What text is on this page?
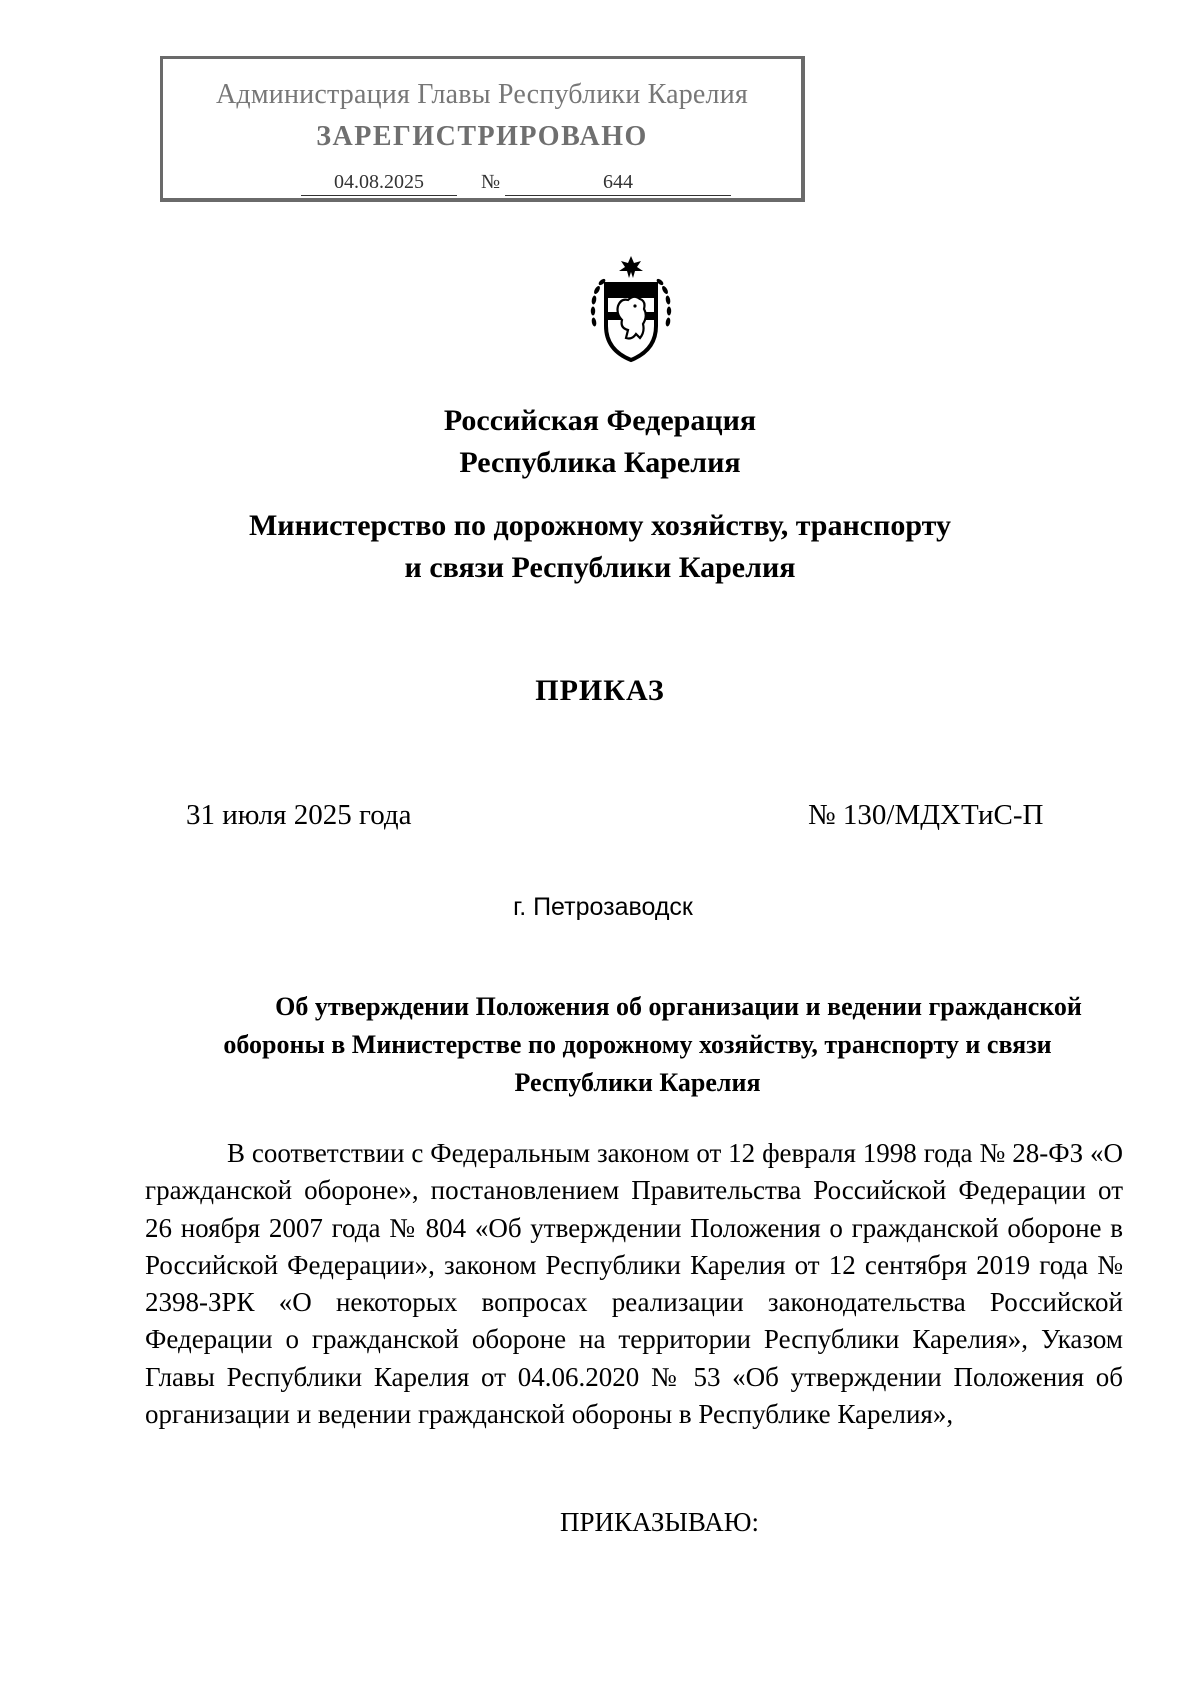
Администрация Главы Республики Карелия
ЗАРЕГИСТРИРОВАНО
04.08.2025	№	644
Российская Федерация
Республика Карелия
Министерство по дорожному хозяйству, транспорту
и связи Республики Карелия
ПРИКАЗ
31 июля 2025 года	№ 130/МДХТиС-П
г. Петрозаводск
Об утверждении Положения об организации и ведении гражданской
обороны в Министерстве по дорожному хозяйству, транспорту и связи
Республики Карелия
В соответствии с Федеральным законом от 12 февраля 1998 года № 28-ФЗ «О гражданской обороне», постановлением Правительства Российской Федерации от 26 ноября 2007 года № 804 «Об утверждении Положения о гражданской обороне в Российской Федерации», законом Республики Карелия от 12 сентября 2019 года № 2398-ЗРК «О некоторых вопросах реализации законодательства Российской Федерации о гражданской обороне на территории Республики Карелия», Указом Главы Республики Карелия от 04.06.2020 № 53 «Об утверждении Положения об организации и ведении гражданской обороны в Республике Карелия»,
ПРИКАЗЫВАЮ:
